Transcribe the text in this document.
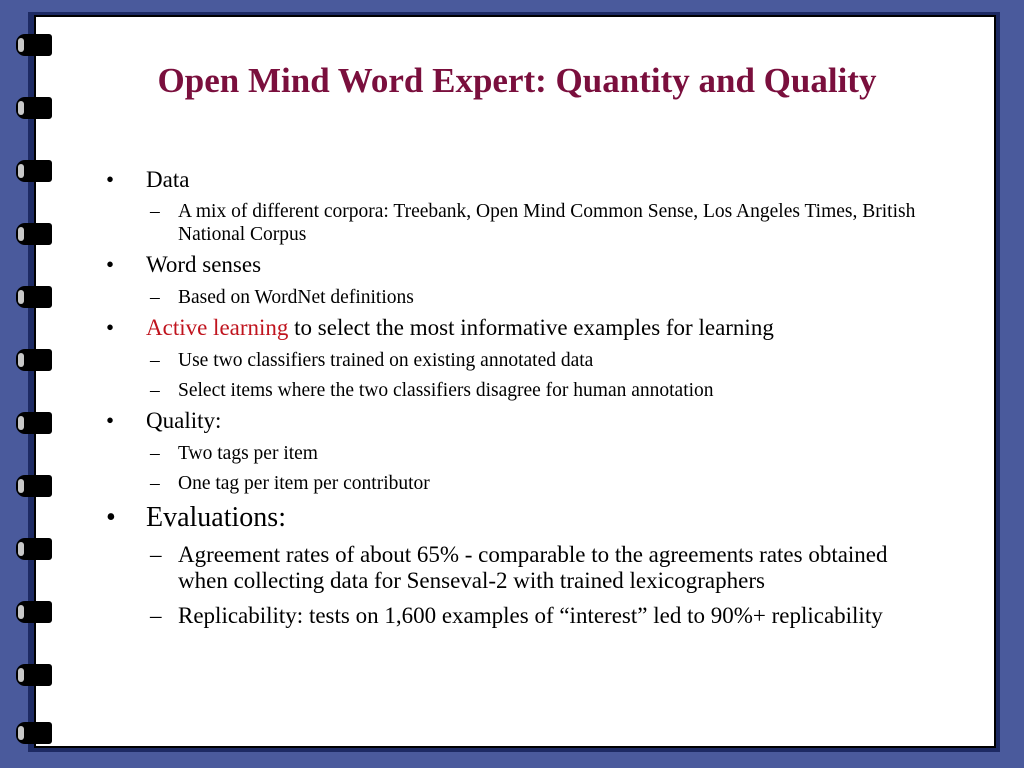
Open Mind Word Expert: Quantity and Quality
• Data
– A mix of different corpora: Treebank, Open Mind Common Sense, Los Angeles Times, British National Corpus
• Word senses
– Based on WordNet definitions
• Active learning to select the most informative examples for learning
– Use two classifiers trained on existing annotated data
– Select items where the two classifiers disagree for human annotation
• Quality:
– Two tags per item
– One tag per item per contributor
• Evaluations:
– Agreement rates of about 65% - comparable to the agreements rates obtained when collecting data for Senseval-2 with trained lexicographers
– Replicability: tests on 1,600 examples of “interest” led to 90%+ replicability
